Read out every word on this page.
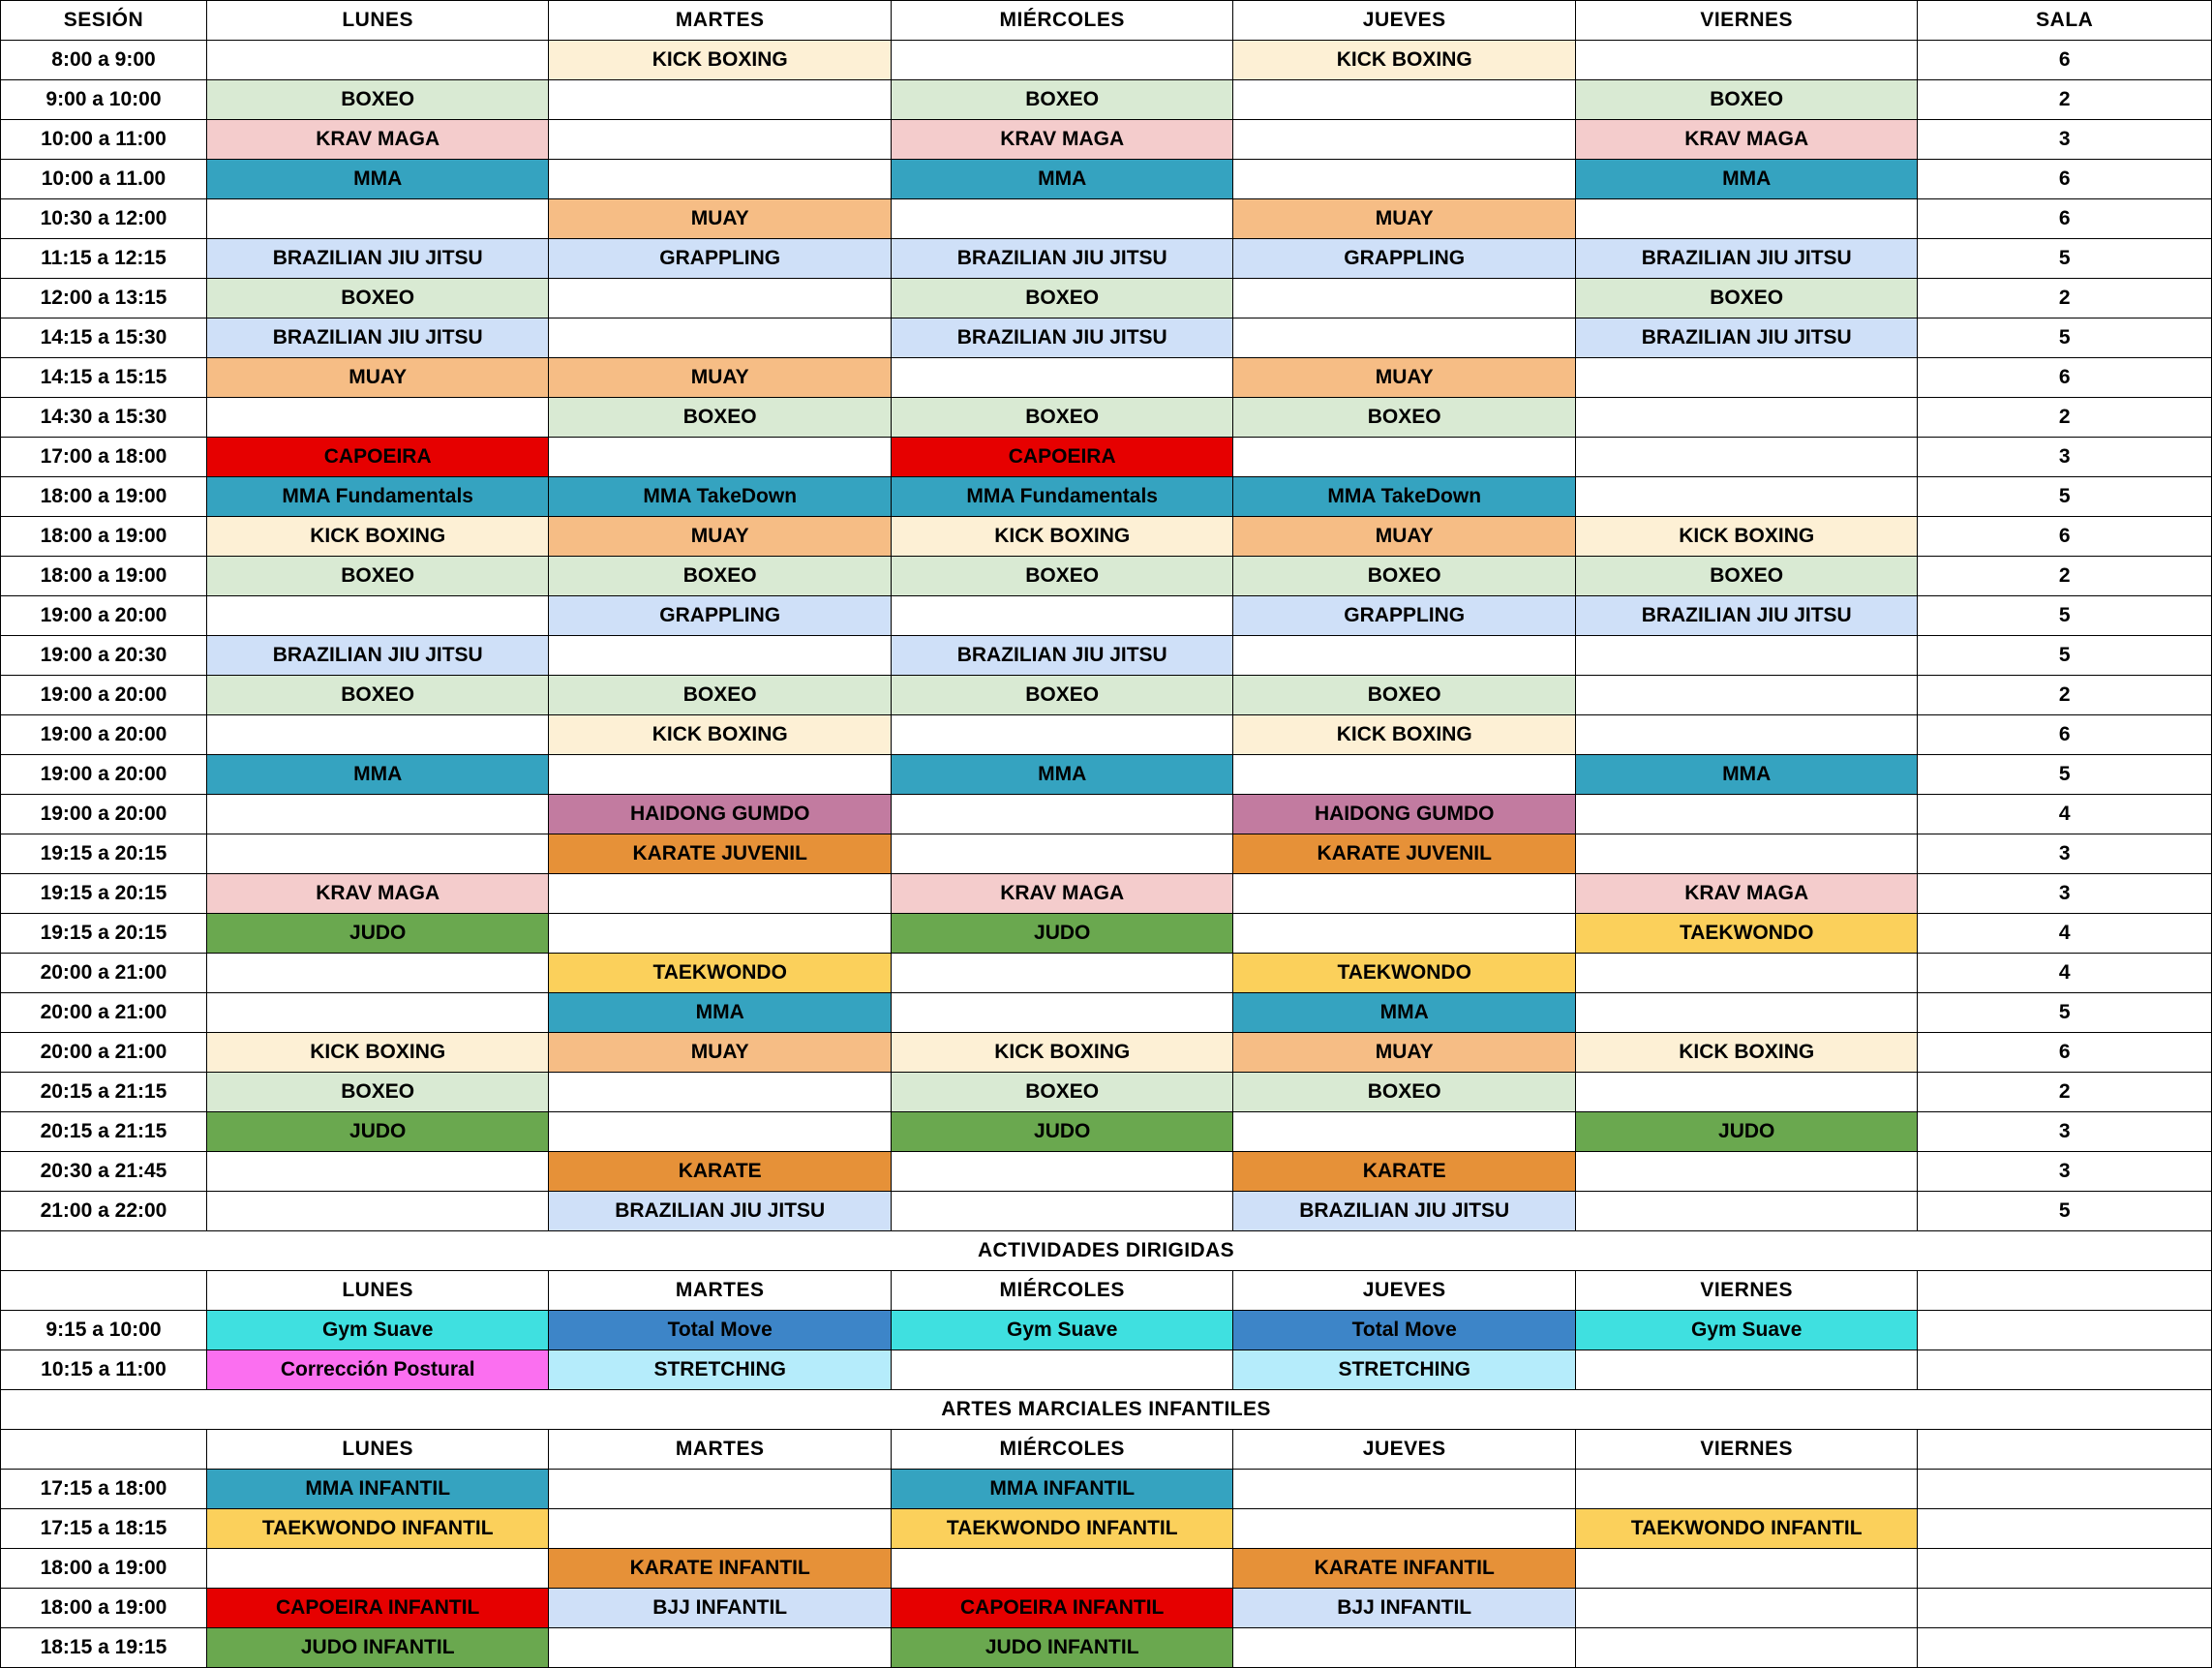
SESIÓN	LUNES	MARTES	MIÉRCOLES	JUEVES	VIERNES	SALA
8:00 a 9:00		KICK BOXING		KICK BOXING		6
9:00 a 10:00	BOXEO		BOXEO		BOXEO	2
10:00 a 11:00	KRAV MAGA		KRAV MAGA		KRAV MAGA	3
10:00 a 11.00	MMA		MMA		MMA	6
10:30 a 12:00		MUAY		MUAY		6
11:15 a 12:15	BRAZILIAN JIU JITSU	GRAPPLING	BRAZILIAN JIU JITSU	GRAPPLING	BRAZILIAN JIU JITSU	5
12:00 a 13:15	BOXEO		BOXEO		BOXEO	2
14:15 a 15:30	BRAZILIAN JIU JITSU		BRAZILIAN JIU JITSU		BRAZILIAN JIU JITSU	5
14:15 a 15:15	MUAY	MUAY		MUAY		6
14:30 a 15:30		BOXEO	BOXEO	BOXEO		2
17:00 a 18:00	CAPOEIRA		CAPOEIRA			3
18:00 a 19:00	MMA Fundamentals	MMA TakeDown	MMA Fundamentals	MMA TakeDown		5
18:00 a 19:00	KICK BOXING	MUAY	KICK BOXING	MUAY	KICK BOXING	6
18:00 a 19:00	BOXEO	BOXEO	BOXEO	BOXEO	BOXEO	2
19:00 a 20:00		GRAPPLING		GRAPPLING	BRAZILIAN JIU JITSU	5
19:00 a 20:30	BRAZILIAN JIU JITSU		BRAZILIAN JIU JITSU			5
19:00 a 20:00	BOXEO	BOXEO	BOXEO	BOXEO		2
19:00 a 20:00		KICK BOXING		KICK BOXING		6
19:00 a 20:00	MMA		MMA		MMA	5
19:00 a 20:00		HAIDONG GUMDO		HAIDONG GUMDO		4
19:15 a 20:15		KARATE JUVENIL		KARATE JUVENIL		3
19:15 a 20:15	KRAV MAGA		KRAV MAGA		KRAV MAGA	3
19:15 a 20:15	JUDO		JUDO		TAEKWONDO	4
20:00 a 21:00		TAEKWONDO		TAEKWONDO		4
20:00 a 21:00		MMA		MMA		5
20:00 a 21:00	KICK BOXING	MUAY	KICK BOXING	MUAY	KICK BOXING	6
20:15 a 21:15	BOXEO		BOXEO	BOXEO		2
20:15 a 21:15	JUDO		JUDO		JUDO	3
20:30 a 21:45		KARATE		KARATE		3
21:00 a 22:00		BRAZILIAN JIU JITSU		BRAZILIAN JIU JITSU		5
ACTIVIDADES DIRIGIDAS						
	LUNES	MARTES	MIÉRCOLES	JUEVES	VIERNES	
9:15 a 10:00	Gym Suave	Total Move	Gym Suave	Total Move	Gym Suave	

10:15 a 11:00	Corrección Postural	STRETCHING		STRETCHING		

ARTES MARCIALES INFANTILES						
	LUNES	MARTES	MIÉRCOLES	JUEVES	VIERNES	
17:15 a 18:00	MMA INFANTIL		MMA INFANTIL			

17:15 a 18:15	TAEKWONDO INFANTIL		TAEKWONDO INFANTIL		TAEKWONDO INFANTIL	

18:00 a 19:00		KARATE INFANTIL		KARATE INFANTIL		

18:00 a 19:00	CAPOEIRA INFANTIL	BJJ INFANTIL	CAPOEIRA INFANTIL	BJJ INFANTIL		

18:15 a 19:15	JUDO INFANTIL		JUDO INFANTIL			
